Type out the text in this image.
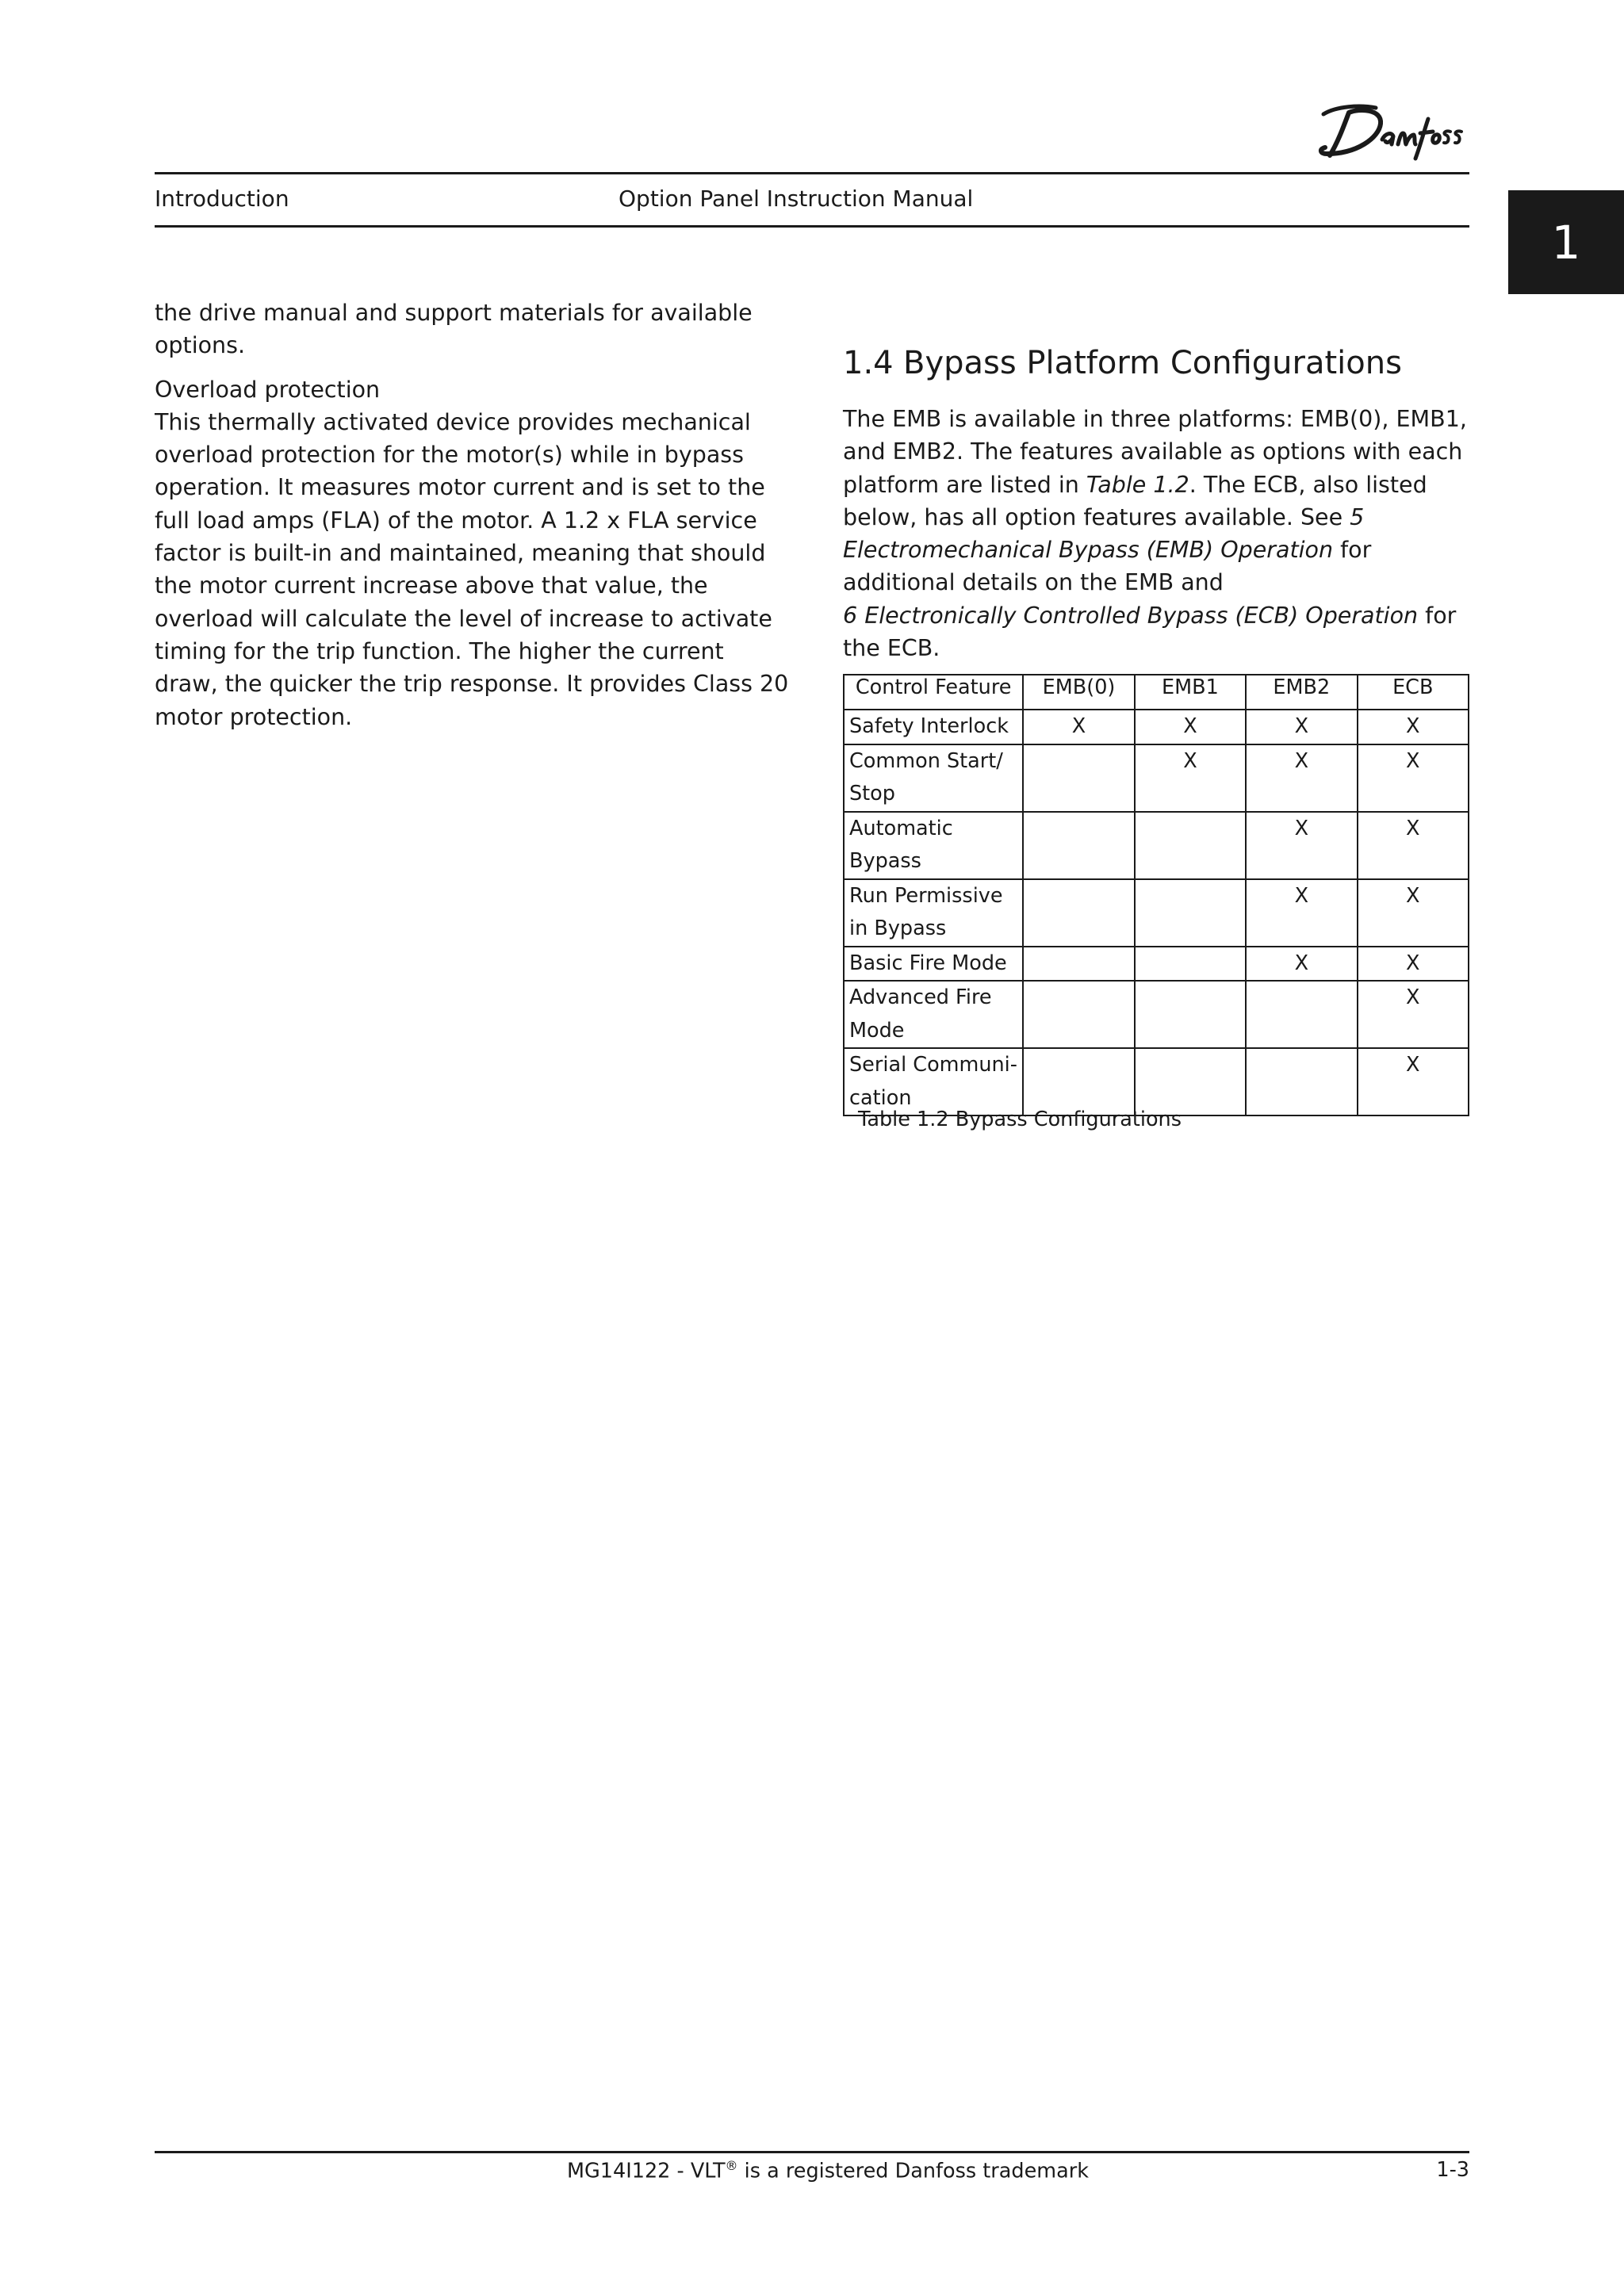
Introduction	Option Panel Instruction Manual
1

the drive manual and support materials for available options.

Overload protection

This thermally activated device provides mechanical overload protection for the motor(s) while in bypass operation. It measures motor current and is set to the full load amps (FLA) of the motor. A 1.2 x FLA service factor is built-in and maintained, meaning that should the motor current increase above that value, the overload will calculate the level of increase to activate timing for the trip function. The higher the current draw, the quicker the trip response. It provides Class 20 motor protection.

1.4 Bypass Platform Configurations

The EMB is available in three platforms: EMB(0), EMB1, and EMB2. The features available as options with each platform are listed in Table 1.2. The ECB, also listed below, has all option features available. See 5 Electromechanical Bypass (EMB) Operation for additional details on the EMB and
6 Electronically Controlled Bypass (ECB) Operation for the ECB.

Control Feature	EMB(0)	EMB1	EMB2	ECB
Safety Interlock	X	X	X	X
Common Start/ Stop		X	X	X
Automatic Bypass			X	X
Run Permissive in Bypass			X	X
Basic Fire Mode			X	X
Advanced Fire Mode				X
Serial Communi- cation				X
Table 1.2 Bypass Configurations
MG14I122 - VLT® is a registered Danfoss trademark	1-3
